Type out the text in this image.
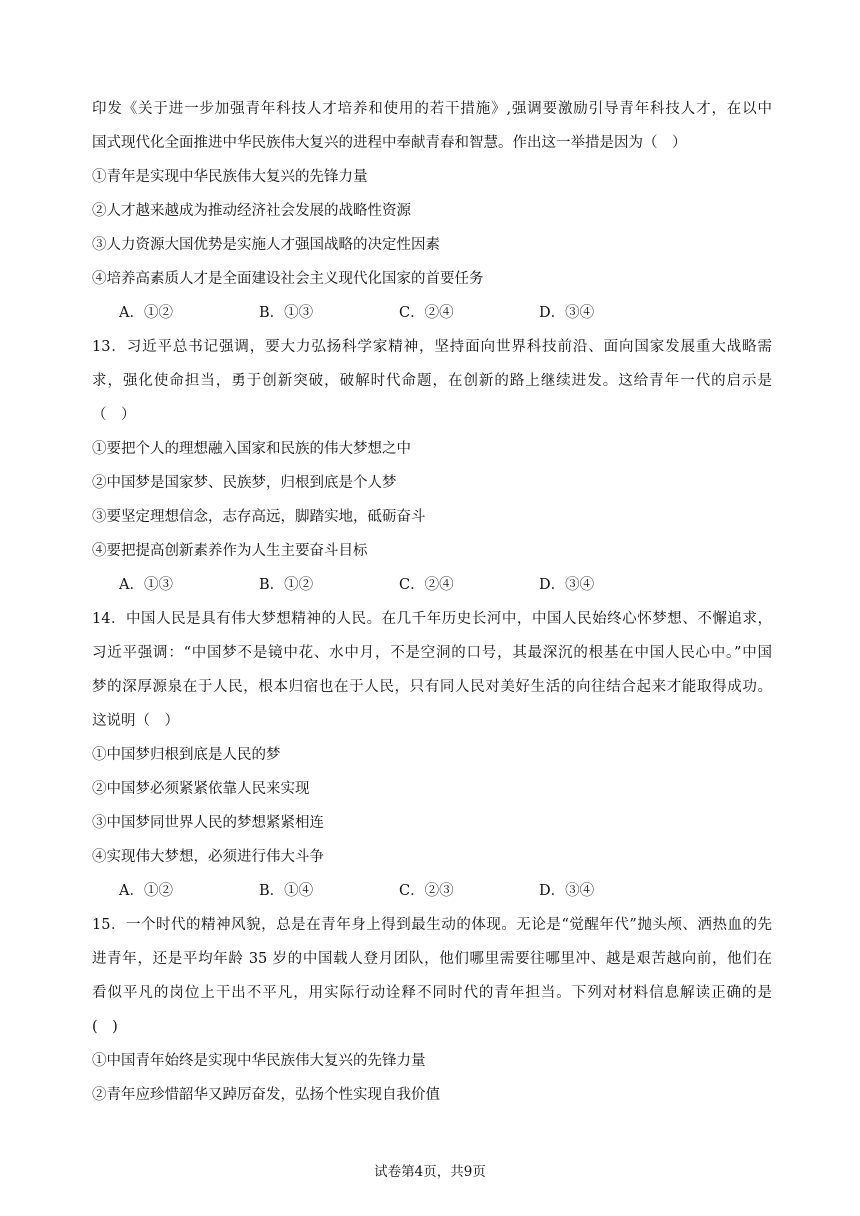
印发《关于进一步加强青年科技人才培养和使用的若干措施》,强调要激励引导青年科技人才，在以中
国式现代化全面推进中华民族伟大复兴的进程中奉献青春和智慧。作出这一举措是因为（　）
①青年是实现中华民族伟大复兴的先锋力量
②人才越来越成为推动经济社会发展的战略性资源
③人力资源大国优势是实施人才强国战略的决定性因素
④培养高素质人才是全面建设社会主义现代化国家的首要任务
A．①②	B．①③	C．②④	D．③④
13．习近平总书记强调，要大力弘扬科学家精神，坚持面向世界科技前沿、面向国家发展重大战略需
求，强化使命担当，勇于创新突破，破解时代命题，在创新的路上继续进发。这给青年一代的启示是
（　）
①要把个人的理想融入国家和民族的伟大梦想之中
②中国梦是国家梦、民族梦，归根到底是个人梦
③要坚定理想信念，志存高远，脚踏实地，砥砺奋斗
④要把提高创新素养作为人生主要奋斗目标
A．①③	B．①②	C．②④	D．③④
14．中国人民是具有伟大梦想精神的人民。在几千年历史长河中，中国人民始终心怀梦想、不懈追求，
习近平强调：“中国梦不是镜中花、水中月，不是空洞的口号，其最深沉的根基在中国人民心中。”中国
梦的深厚源泉在于人民，根本归宿也在于人民，只有同人民对美好生活的向往结合起来才能取得成功。
这说明（　）
①中国梦归根到底是人民的梦
②中国梦必须紧紧依靠人民来实现
③中国梦同世界人民的梦想紧紧相连
④实现伟大梦想，必须进行伟大斗争
A．①②	B．①④	C．②③	D．③④
15．一个时代的精神风貌，总是在青年身上得到最生动的体现。无论是“觉醒年代”抛头颅、洒热血的先
进青年，还是平均年龄 35 岁的中国载人登月团队，他们哪里需要往哪里冲、越是艰苦越向前，他们在
看似平凡的岗位上干出不平凡，用实际行动诠释不同时代的青年担当。下列对材料信息解读正确的是
(　)
①中国青年始终是实现中华民族伟大复兴的先锋力量
②青年应珍惜韶华又踔厉奋发，弘扬个性实现自我价值
试卷第4页，共9页
